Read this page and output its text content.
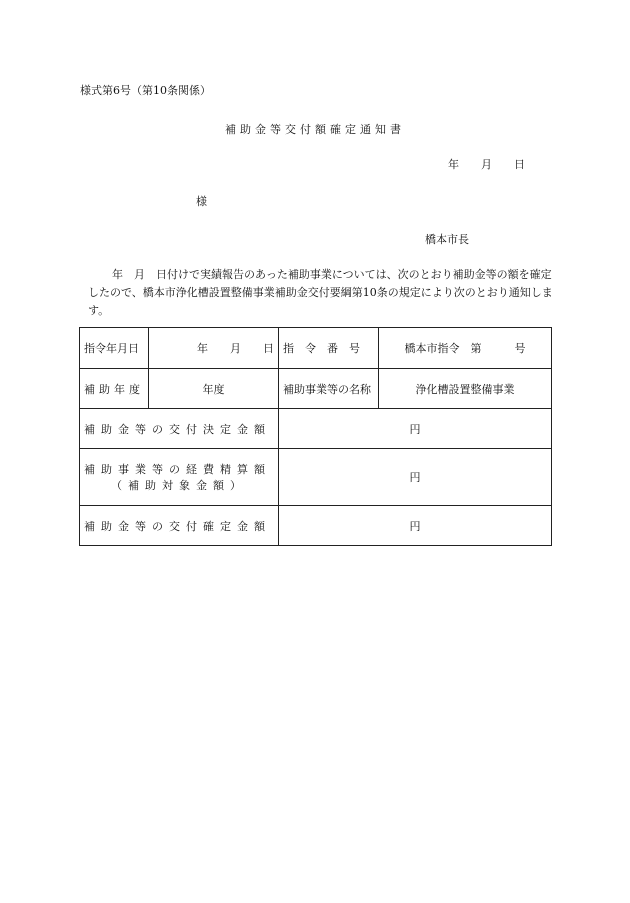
様式第6号（第10条関係）
補助金等交付額確定通知書
年　　月　　日
様
橋本市長
年　月　日付けで実績報告のあった補助事業については、次のとおり補助金等の額を確定したので、橋本市浄化槽設置整備事業補助金交付要綱第10条の規定により次のとおり通知します。
指令年月日	年　　月　　日	指　令　番　号	橋本市指令　第　　　号
補助年度	年度	補助事業等の名称	浄化槽設置整備事業
補助金等の交付決定金額		円	

補助事業等の経費精算額
（補助対象金額）		円	
補助金等の交付確定金額		円	
